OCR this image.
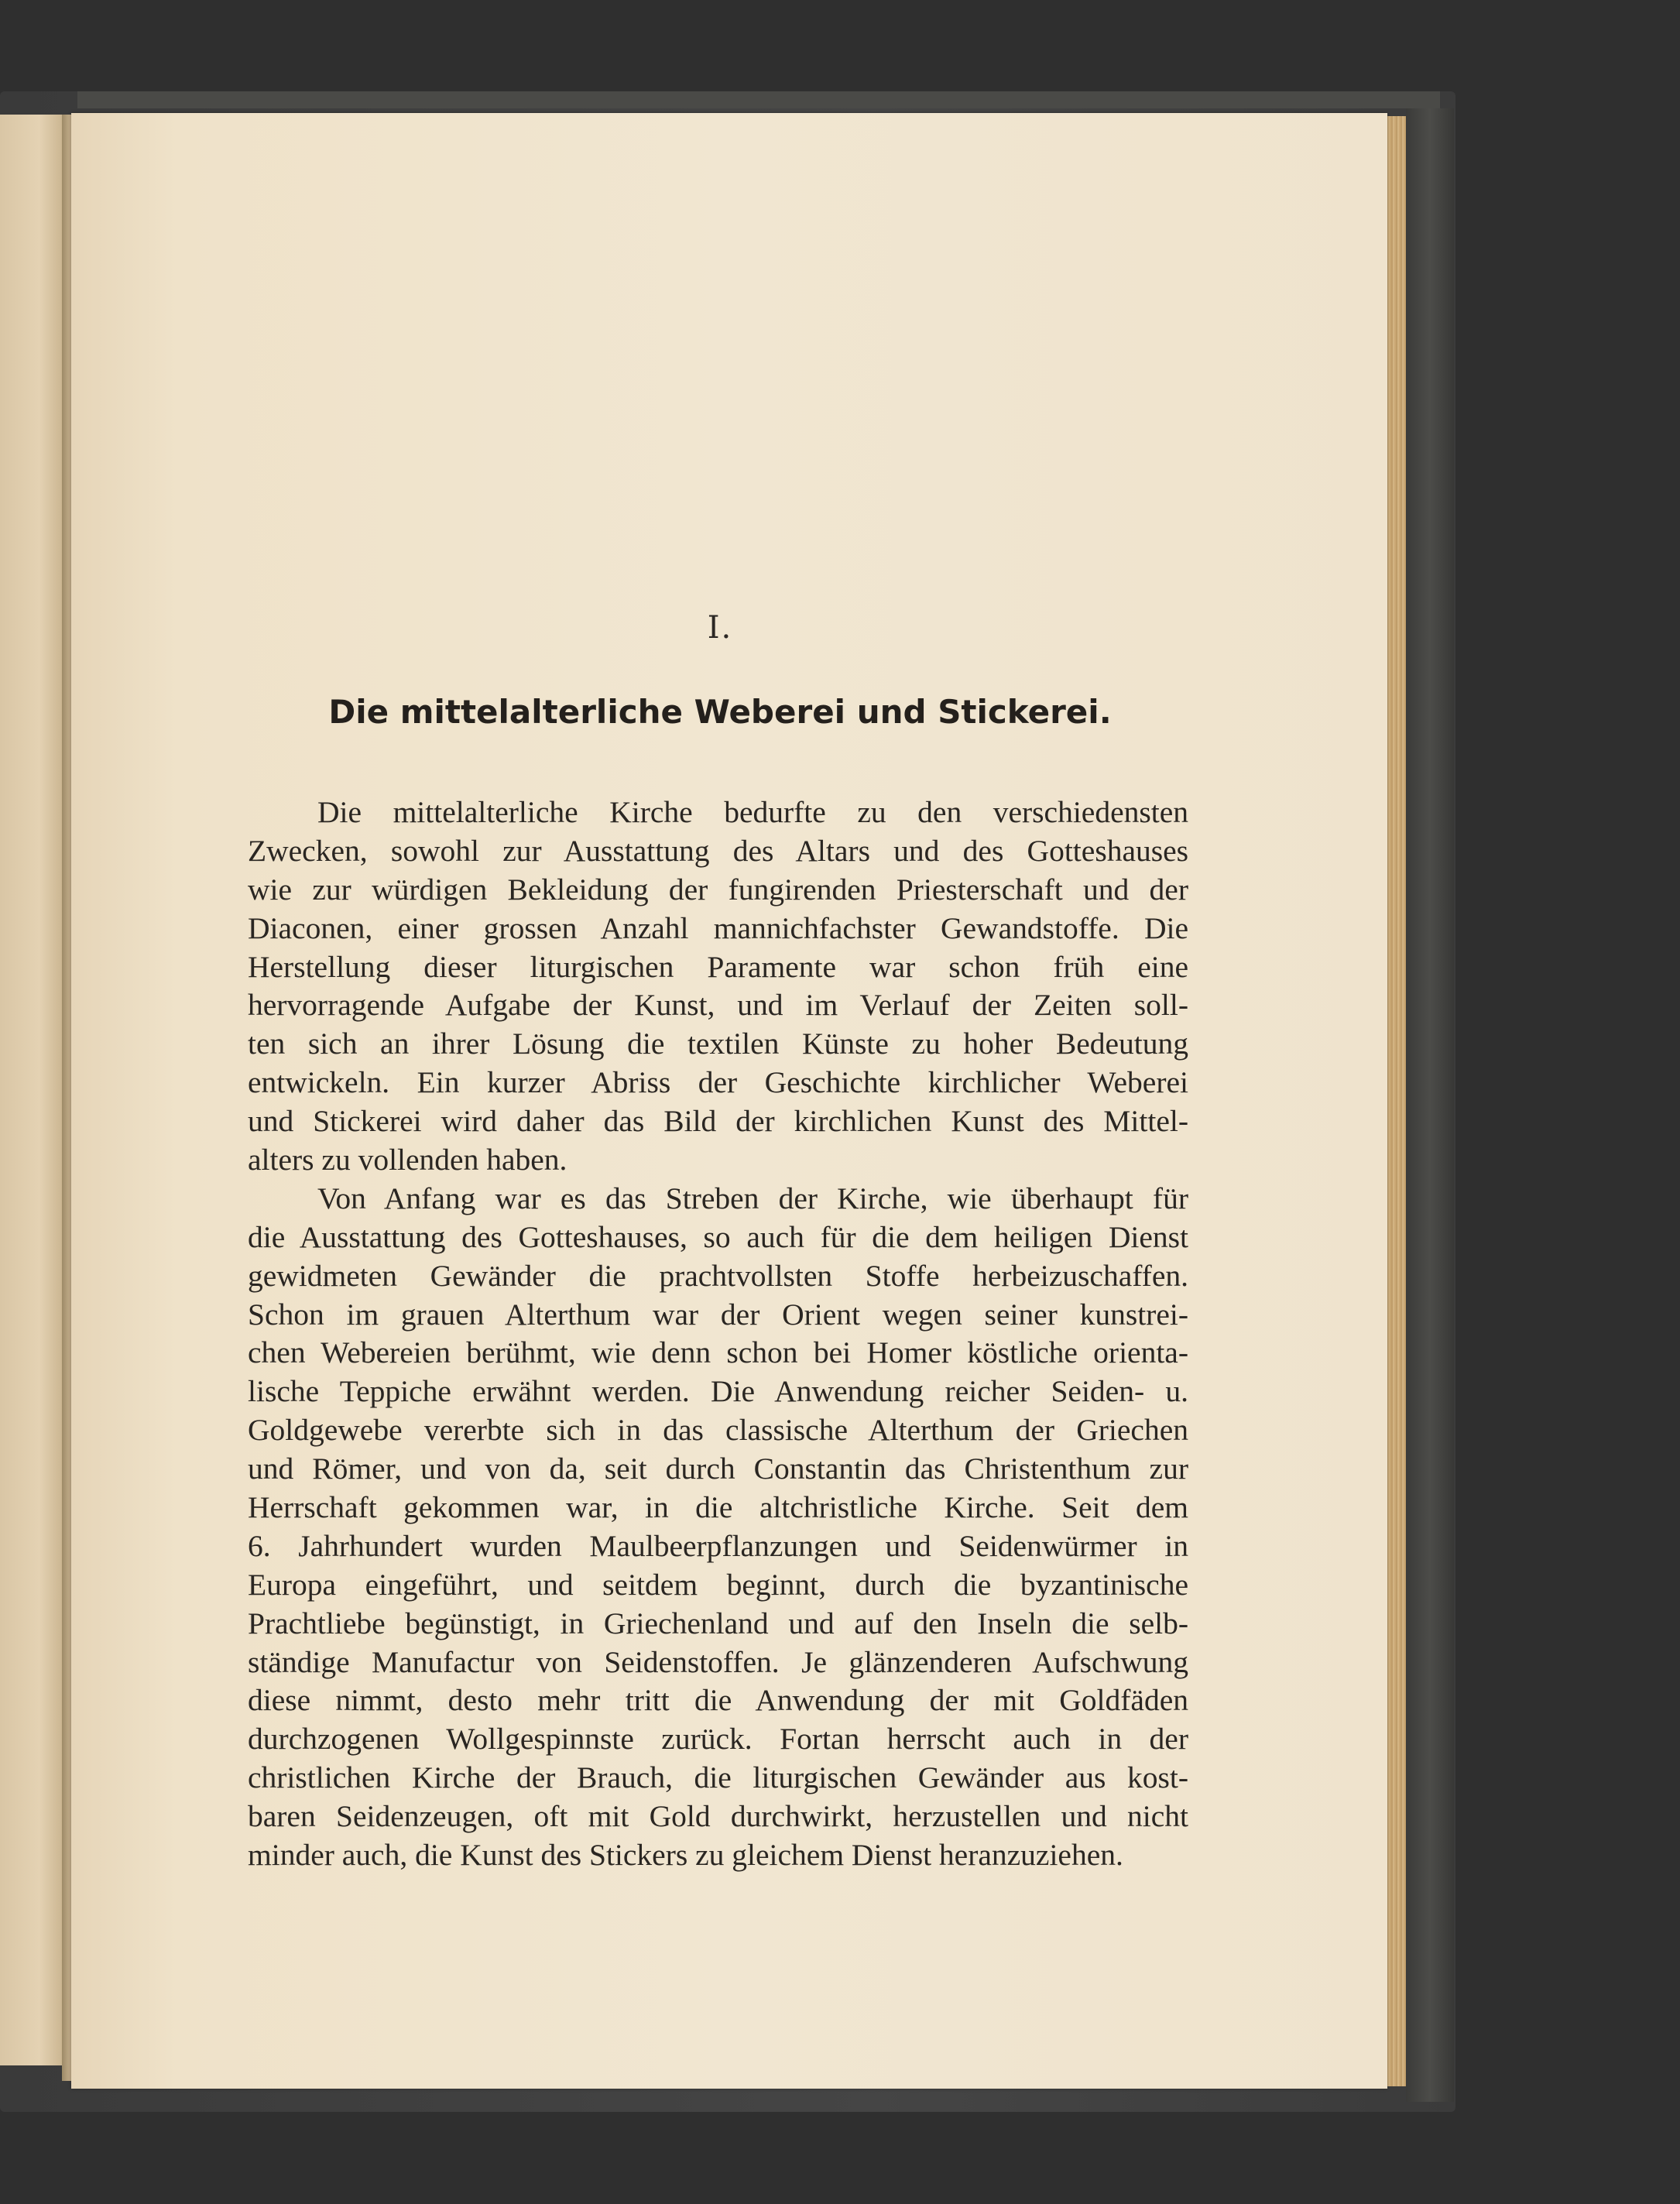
I.
Die mittelalterliche Weberei und Stickerei.
Die mittelalterliche Kirche bedurfte zu den verschiedensten
Zwecken, sowohl zur Ausstattung des Altars und des Gotteshauses
wie zur würdigen Bekleidung der fungirenden Priesterschaft und der
Diaconen, einer grossen Anzahl mannichfachster Gewandstoffe. Die
Herstellung dieser liturgischen Paramente war schon früh eine
hervorragende Aufgabe der Kunst, und im Verlauf der Zeiten soll-
ten sich an ihrer Lösung die textilen Künste zu hoher Bedeutung
entwickeln. Ein kurzer Abriss der Geschichte kirchlicher Weberei
und Stickerei wird daher das Bild der kirchlichen Kunst des Mittel-
alters zu vollenden haben.
Von Anfang war es das Streben der Kirche, wie überhaupt für
die Ausstattung des Gotteshauses, so auch für die dem heiligen Dienst
gewidmeten Gewänder die prachtvollsten Stoffe herbeizuschaffen.
Schon im grauen Alterthum war der Orient wegen seiner kunstrei-
chen Webereien berühmt, wie denn schon bei Homer köstliche orienta-
lische Teppiche erwähnt werden. Die Anwendung reicher Seiden- u.
Goldgewebe vererbte sich in das classische Alterthum der Griechen
und Römer, und von da, seit durch Constantin das Christenthum zur
Herrschaft gekommen war, in die altchristliche Kirche. Seit dem
6. Jahrhundert wurden Maulbeerpflanzungen und Seidenwürmer in
Europa eingeführt, und seitdem beginnt, durch die byzantinische
Prachtliebe begünstigt, in Griechenland und auf den Inseln die selb-
ständige Manufactur von Seidenstoffen. Je glänzenderen Aufschwung
diese nimmt, desto mehr tritt die Anwendung der mit Goldfäden
durchzogenen Wollgespinnste zurück. Fortan herrscht auch in der
christlichen Kirche der Brauch, die liturgischen Gewänder aus kost-
baren Seidenzeugen, oft mit Gold durchwirkt, herzustellen und nicht
minder auch, die Kunst des Stickers zu gleichem Dienst heranzuziehen.
